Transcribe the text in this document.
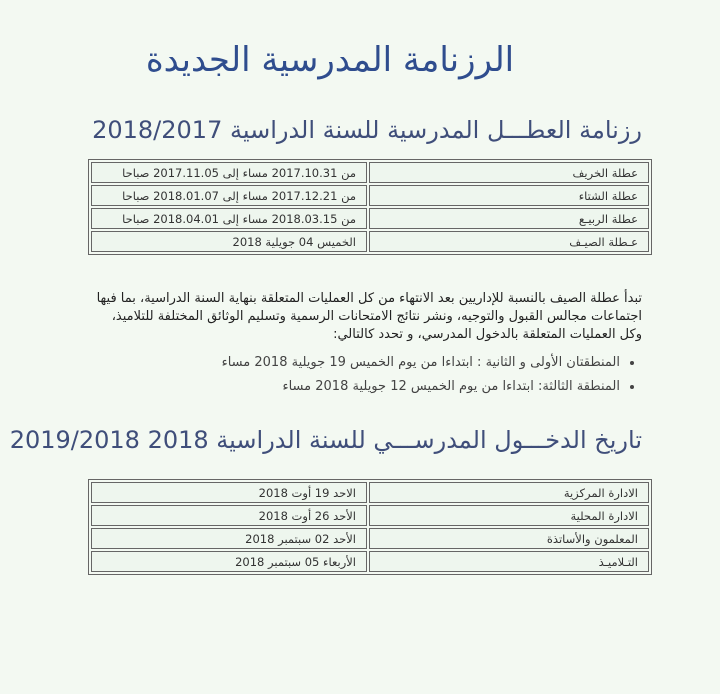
الرزنامة المدرسية الجديدة
رزنامة العطـــل المدرسية للسنة الدراسية 2018/2017
عطلة الخريف	من 2017.10.31 مساء إلى 2017.11.05 صباحا
عطلة الشتاء	من 2017.12.21 مساء إلى 2018.01.07 صباحا
عطلة الربيـع	من 2018.03.15 مساء إلى 2018.04.01 صباحا
عـطلة الصيـف	الخميس 04 جويلية 2018

تبدأ عطلة الصيف بالنسبة للإداريين بعد الانتهاء من كل العمليات المتعلقة بنهاية السنة الدراسية، بما فيها اجتماعات مجالس القبول والتوجيه، ونشر نتائج الامتحانات الرسمية وتسليم الوثائق المختلفة للتلاميذ، وكل العمليات المتعلقة بالدخول المدرسي، و تحدد كالتالي:

• المنطقتان الأولى و الثانية : ابتداءا من يوم الخميس 19 جويلية 2018 مساء
• المنطقة الثالثة: ابتداءا من يوم الخميس 12 جويلية 2018 مساء
تاريخ الدخـــول المدرســـي للسنة الدراسية 2018 2019/2018
الادارة المركزية	الاحد 19 أوت 2018
الادارة المحلية	الأحد 26 أوت 2018
المعلمون والأساتذة	الأحد 02 سبتمبر 2018
التـلاميـذ	الأربعاء 05 سبتمبر 2018
